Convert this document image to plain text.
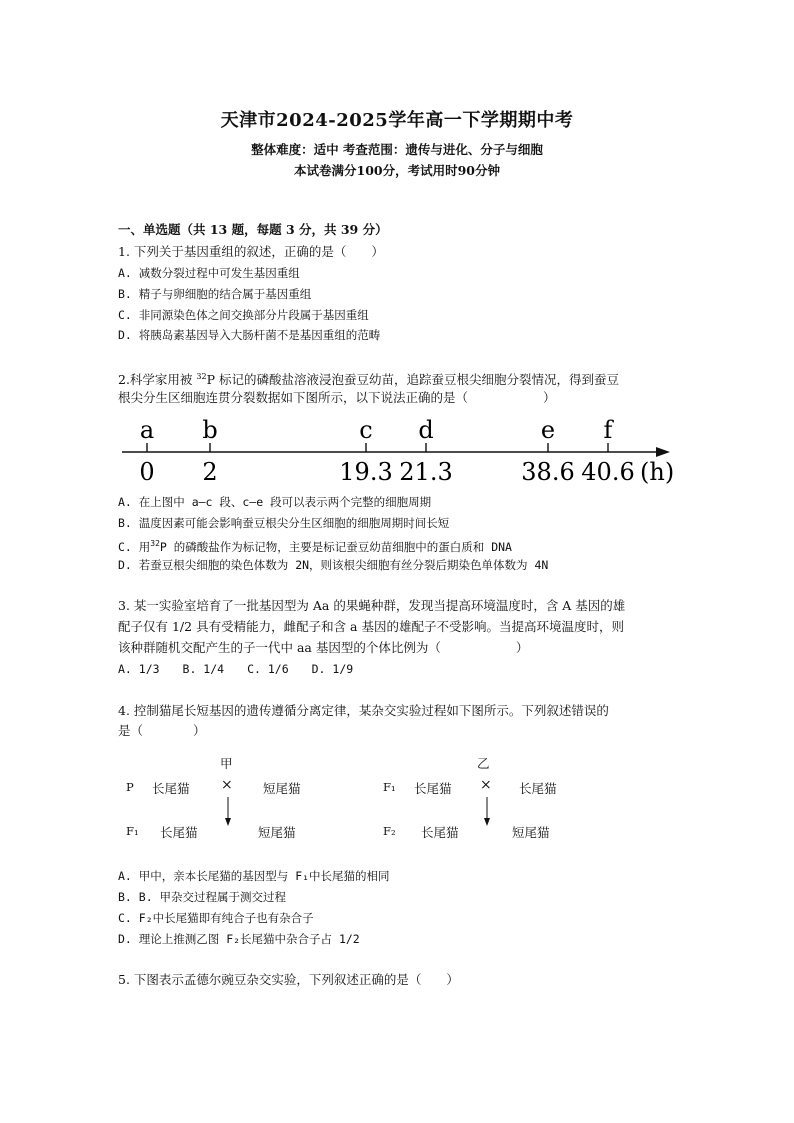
天津市2024-2025学年高一下学期期中考
整体难度：适中 考查范围：遗传与进化、分子与细胞
本试卷满分100分，考试用时90分钟
一、单选题（共 13 题，每题 3 分，共 39 分）
1. 下列关于基因重组的叙述，正确的是（　　）
A. 减数分裂过程中可发生基因重组
B. 精子与卵细胞的结合属于基因重组
C. 非同源染色体之间交换部分片段属于基因重组
D. 将胰岛素基因导入大肠杆菌不是基因重组的范畴
2.科学家用被 $^{32}$P 标记的磷酸盐溶液浸泡蚕豆幼苗，追踪蚕豆根尖细胞分裂情况，得到蚕豆
根尖分生区细胞连贯分裂数据如下图所示，以下说法正确的是（　　　　　　）
a
0
b
2
c
19.3
d
21.3
e
38.6
f
40.6 (h)
A. 在上图中 a—c 段、c—e 段可以表示两个完整的细胞周期
B. 温度因素可能会影响蚕豆根尖分生区细胞的细胞周期时间长短
C. 用$^{32}$P 的磷酸盐作为标记物，主要是标记蚕豆幼苗细胞中的蛋白质和 DNA
D. 若蚕豆根尖细胞的染色体数为 2N，则该根尖细胞有丝分裂后期染色单体数为 4N
3. 某一实验室培育了一批基因型为 Aa 的果蝇种群，发现当提高环境温度时，含 A 基因的雄
配子仅有 1/2 具有受精能力，雌配子和含 a 基因的雄配子不受影响。当提高环境温度时，则
该种群随机交配产生的子一代中 aa 基因型的个体比例为（　　　　　　）
A. 1/3　　B. 1/4　　C. 1/6　　D. 1/9
4. 控制猫尾长短基因的遗传遵循分离定律，某杂交实验过程如下图所示。下列叙述错误的
是（　　　　）
甲
P 长尾猫 × 短尾猫
F₁ 长尾猫	短尾猫
乙
F₁ 长尾猫 × 长尾猫
F₂ 长尾猫	短尾猫
A. 甲中，亲本长尾猫的基因型与 F₁中长尾猫的相同
B. B. 甲杂交过程属于测交过程
C. F₂中长尾猫即有纯合子也有杂合子
D. 理论上推测乙图 F₂长尾猫中杂合子占 1/2
5. 下图表示孟德尔豌豆杂交实验，下列叙述正确的是（　　）
